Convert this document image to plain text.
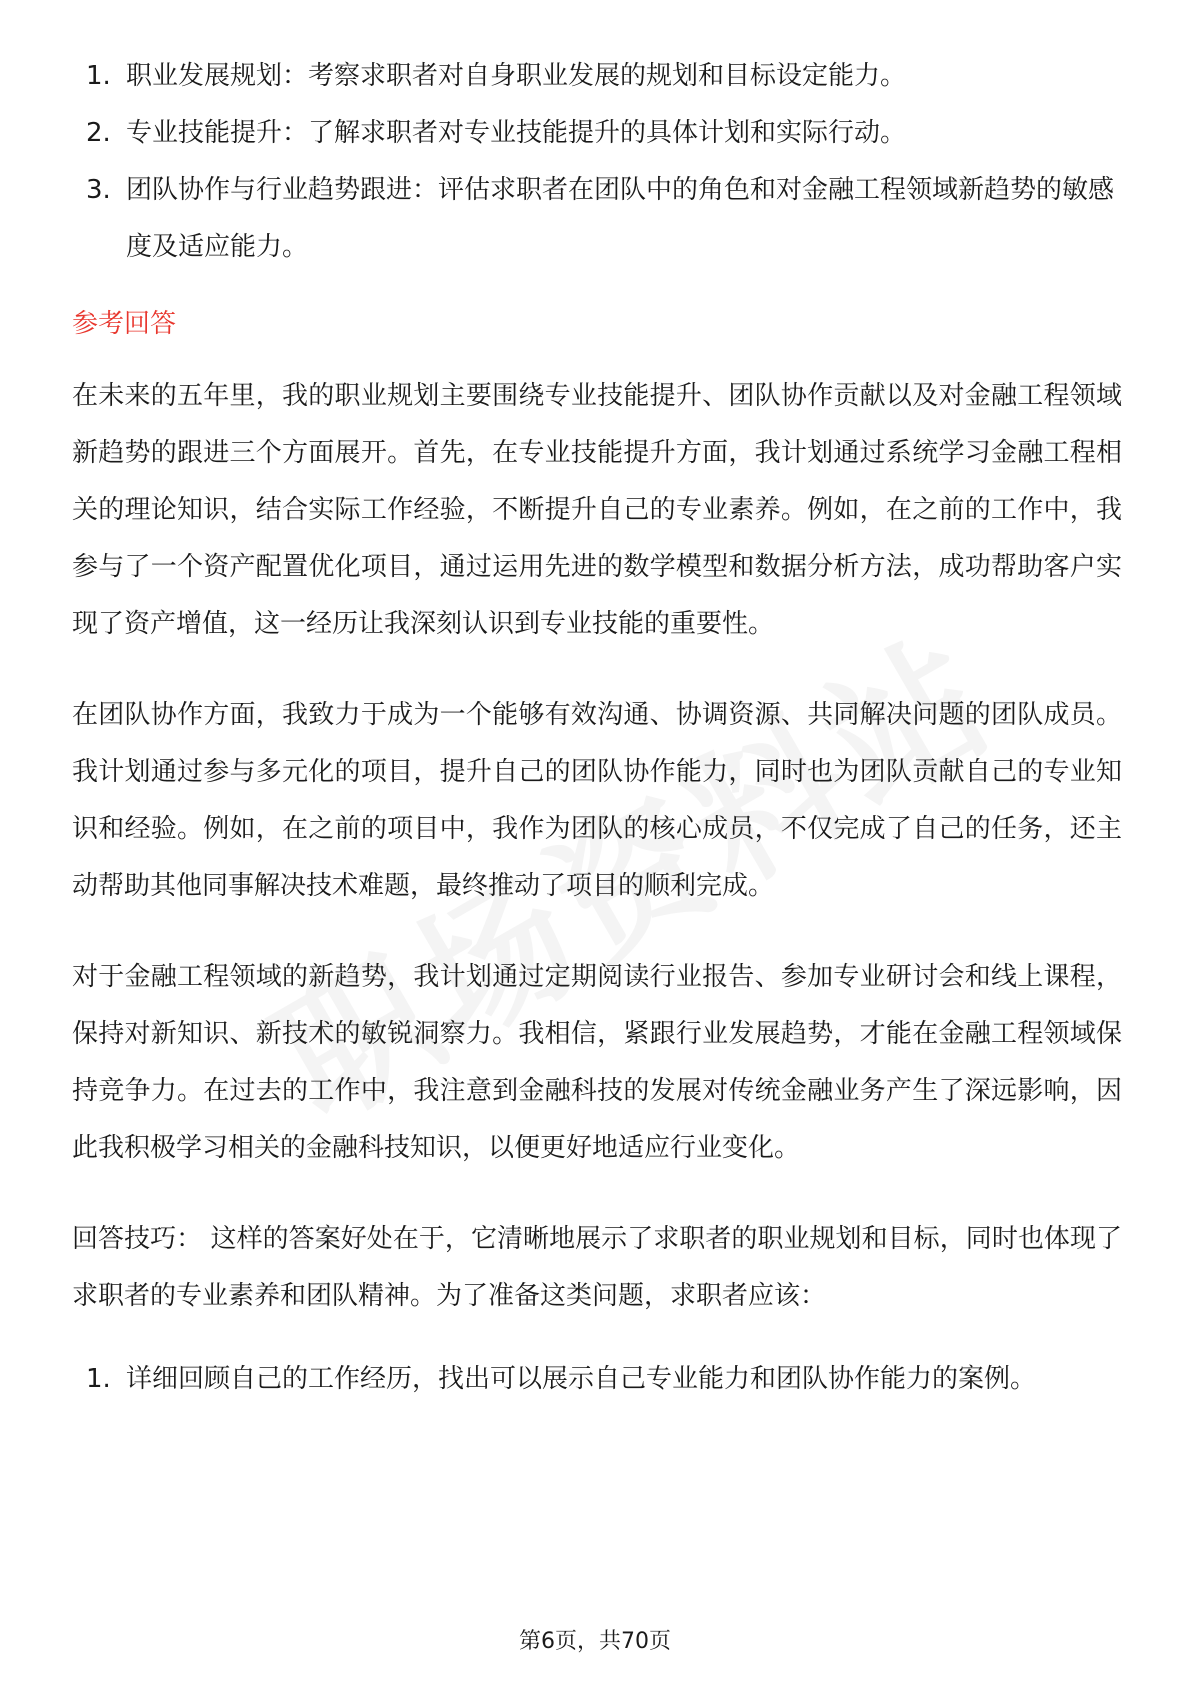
1. 职业发展规划：考察求职者对自身职业发展的规划和目标设定能力。
2. 专业技能提升：了解求职者对专业技能提升的具体计划和实际行动。
3. 团队协作与行业趋势跟进：评估求职者在团队中的角色和对金融工程领域新趋势的敏感度及适应能力。
参考回答

在未来的五年里，我的职业规划主要围绕专业技能提升、团队协作贡献以及对金融工程领域新趋势的跟进三个方面展开。首先，在专业技能提升方面，我计划通过系统学习金融工程相关的理论知识，结合实际工作经验，不断提升自己的专业素养。例如，在之前的工作中，我参与了一个资产配置优化项目，通过运用先进的数学模型和数据分析方法，成功帮助客户实现了资产增值，这一经历让我深刻认识到专业技能的重要性。

在团队协作方面，我致力于成为一个能够有效沟通、协调资源、共同解决问题的团队成员。我计划通过参与多元化的项目，提升自己的团队协作能力，同时也为团队贡献自己的专业知识和经验。例如，在之前的项目中，我作为团队的核心成员，不仅完成了自己的任务，还主动帮助其他同事解决技术难题，最终推动了项目的顺利完成。

对于金融工程领域的新趋势，我计划通过定期阅读行业报告、参加专业研讨会和线上课程，保持对新知识、新技术的敏锐洞察力。我相信，紧跟行业发展趋势，才能在金融工程领域保持竞争力。在过去的工作中，我注意到金融科技的发展对传统金融业务产生了深远影响，因此我积极学习相关的金融科技知识，以便更好地适应行业变化。

回答技巧： 这样的答案好处在于，它清晰地展示了求职者的职业规划和目标，同时也体现了求职者的专业素养和团队精神。为了准备这类问题，求职者应该：

1. 详细回顾自己的工作经历，找出可以展示自己专业能力和团队协作能力的案例。
第6页，共70页
